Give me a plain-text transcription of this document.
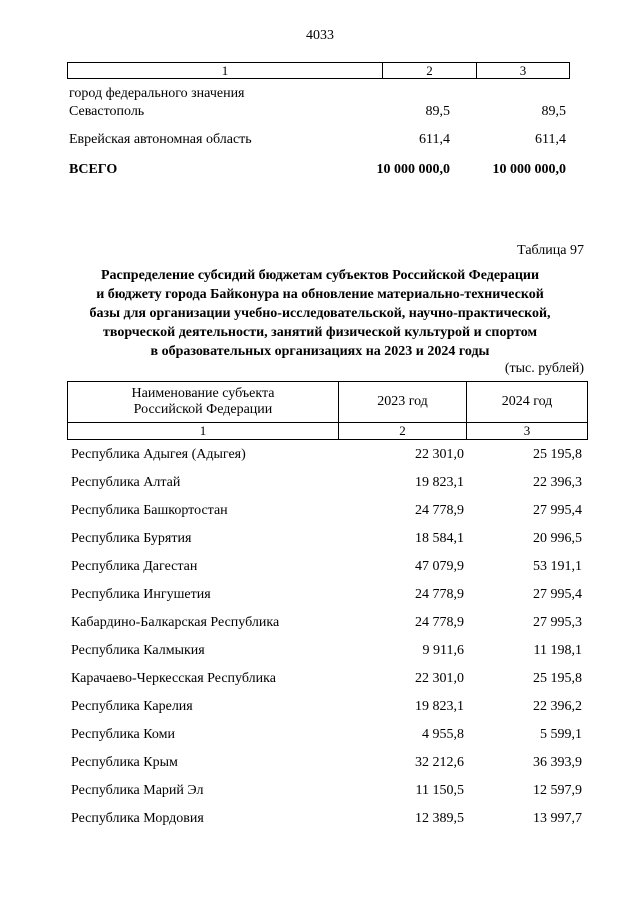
4033
1	2	3
город федерального значения
Севастополь	89,5	89,5
Еврейская автономная область	611,4	611,4
ВСЕГО	10 000 000,0	10 000 000,0
Таблица 97
Распределение субсидий бюджетам субъектов Российской Федерации
и бюджету города Байконура на обновление материально-технической
базы для организации учебно-исследовательской, научно-практической,
творческой деятельности, занятий физической культурой и спортом
в образовательных организациях на 2023 и 2024 годы
(тыс. рублей)
Наименование субъекта
Российской Федерации
2023 год	2024 год
1	2	3
Республика Адыгея (Адыгея)	22 301,0	25 195,8
Республика Алтай	19 823,1	22 396,3
Республика Башкортостан	24 778,9	27 995,4
Республика Бурятия	18 584,1	20 996,5
Республика Дагестан	47 079,9	53 191,1
Республика Ингушетия	24 778,9	27 995,4
Кабардино-Балкарская Республика	24 778,9	27 995,3
Республика Калмыкия	9 911,6	11 198,1
Карачаево-Черкесская Республика	22 301,0	25 195,8
Республика Карелия	19 823,1	22 396,2
Республика Коми	4 955,8	5 599,1
Республика Крым	32 212,6	36 393,9
Республика Марий Эл	11 150,5	12 597,9
Республика Мордовия	12 389,5	13 997,7
